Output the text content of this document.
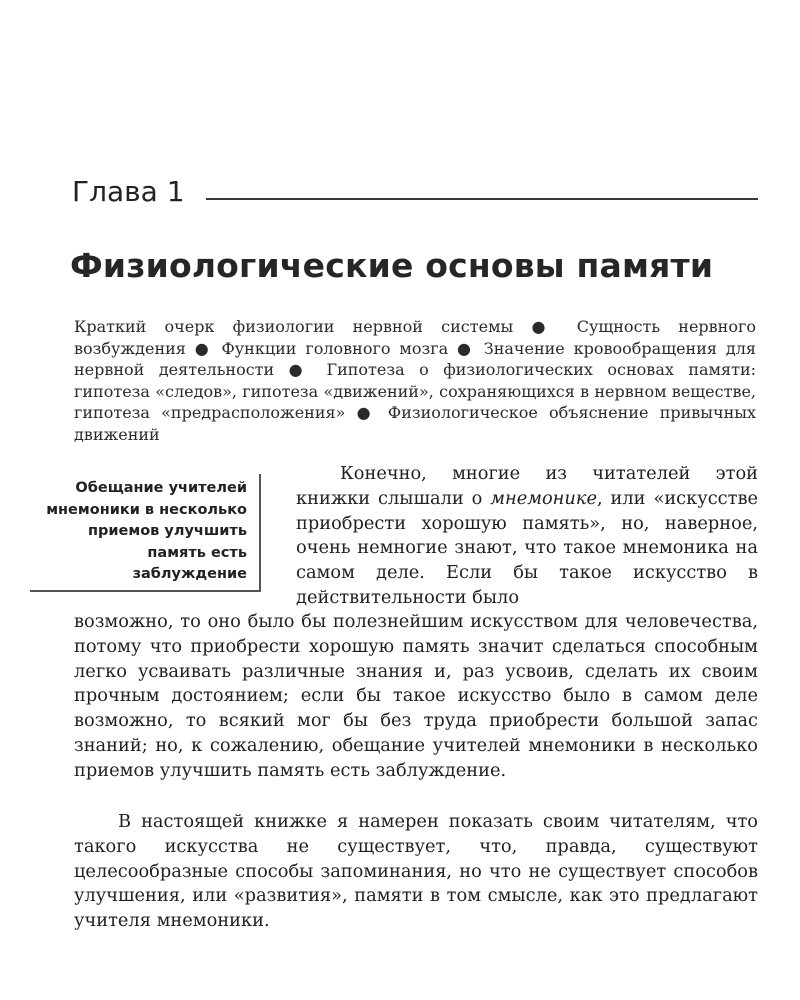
Глава 1
Физиологические основы памяти

Краткий очерк физиологии нервной системы ● Сущность нервного возбуждения ● Функции головного мозга ● Значение кровообращения для нервной деятельности ● Гипотеза о физиологических основах памяти: гипотеза «следов», гипотеза «движений», сохраняющихся в нервном веществе, гипотеза «предрасположения» ● Физиологическое объяснение привычных движений

Обещание учителей мнемоники в несколько приемов улучшить память есть заблуждение

Конечно, многие из читателей этой книжки слышали о мнемонике, или «искусстве приобрести хорошую память», но, наверное, очень немногие знают, что такое мнемоника на самом деле. Если бы такое искусство в действительности было

возможно, то оно было бы полезнейшим искусством для человечества, потому что приобрести хорошую память значит сделаться способным легко усваивать различные знания и, раз усвоив, сделать их своим прочным достоянием; если бы такое искусство было в самом деле возможно, то всякий мог бы без труда приобрести большой запас знаний; но, к сожалению, обещание учителей мнемоники в несколько приемов улучшить память есть заблуждение.

В настоящей книжке я намерен показать своим читателям, что такого искусства не существует, что, правда, существуют целесообразные способы запоминания, но что не существует способов улучшения, или «развития», памяти в том смысле, как это предлагают учителя мнемоники.
